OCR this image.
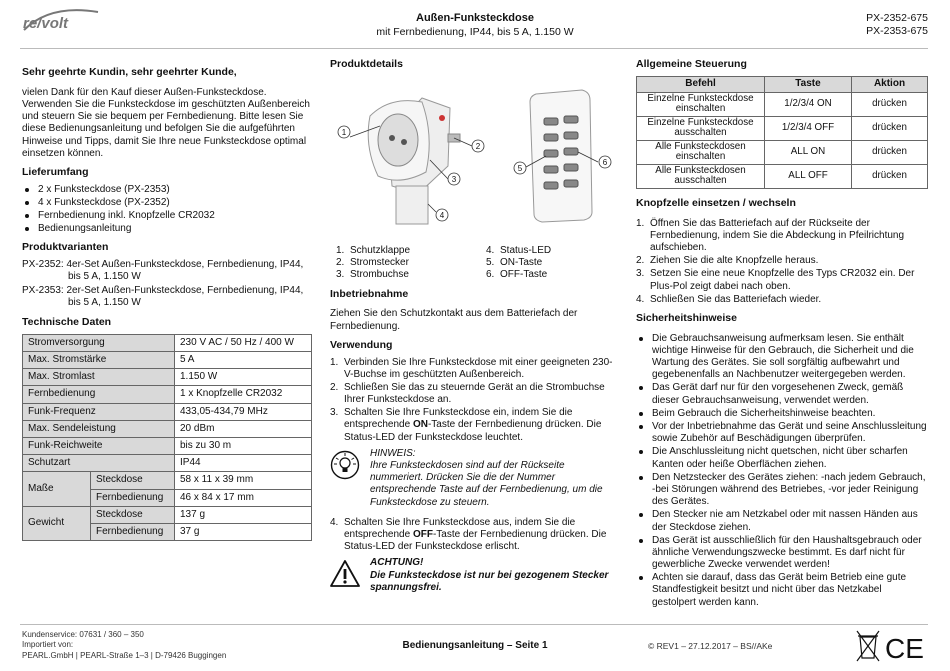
re/volt	Außen-Funksteckdose
mit Fernbedienung, IP44, bis 5 A, 1.150 W
PX-2352-675
PX-2353-675
Sehr geehrte Kundin, sehr geehrter Kunde,

vielen Dank für den Kauf dieser Außen-Funksteckdose. Verwenden Sie die Funksteckdose im geschützten Außenbereich und steuern Sie sie bequem per Fernbedienung. Bitte lesen Sie diese Bedienungsanleitung und befolgen Sie die aufgeführten Hinweise und Tipps, damit Sie Ihre neue Funksteckdose optimal einsetzen können.

Lieferumfang
2 x Funksteckdose (PX-2353)
4 x Funksteckdose (PX-2352)
Fernbedienung inkl. Knopfzelle CR2032
Bedienungsanleitung
Produktvarianten
PX-2352: 4er-Set Außen-Funksteckdose, Fernbedienung, IP44, bis 5 A, 1.150 W
PX-2353: 2er-Set Außen-Funksteckdose, Fernbedienung, IP44, bis 5 A, 1.150 W
Technische Daten
Stromversorgung		230 V AC / 50 Hz / 400 W
Max. Stromstärke		5 A
Max. Stromlast		1.150 W
Fernbedienung		1 x Knopfzelle CR2032
Funk-Frequenz		433,05-434,79 MHz
Max. Sendeleistung		20 dBm
Funk-Reichweite		bis zu 30 m
Schutzart		IP44
Maße	Steckdose	58 x 11 x 39 mm
	Fernbedienung	46 x 84 x 17 mm
Gewicht	Steckdose	137 g
	Fernbedienung	37 g
Produktdetails
1
2
3
4
5
6
1. Schutzklappe	4. Status-LED
2. Stromstecker	5. ON-Taste
3. Strombuchse	6. OFF-Taste
Inbetriebnahme

Ziehen Sie den Schutzkontakt aus dem Batteriefach der Fernbedienung.

Verwendung
1. Verbinden Sie Ihre Funksteckdose mit einer geeigneten 230-V-Buchse im geschützten Außenbereich.
2. Schließen Sie das zu steuernde Gerät an die Strombuchse Ihrer Funksteckdose an.
3. Schalten Sie Ihre Funksteckdose ein, indem Sie die entsprechende ON-Taste der Fernbedienung drücken. Die Status-LED der Funksteckdose leuchtet.
HINWEIS:
Ihre Funksteckdosen sind auf der Rückseite nummeriert. Drücken Sie die der Nummer entsprechende Taste auf der Fernbedienung, um die Funksteckdose zu steuern.
4. Schalten Sie Ihre Funksteckdose aus, indem Sie die entsprechende OFF-Taste der Fernbedienung drücken. Die Status-LED der Funksteckdose erlischt.
ACHTUNG!
Die Funksteckdose ist nur bei gezogenem Stecker spannungsfrei.
Allgemeine Steuerung
Befehl	Taste	Aktion
Einzelne Funksteckdose einschalten	1/2/3/4 ON	drücken
Einzelne Funksteckdose ausschalten	1/2/3/4 OFF	drücken
Alle Funksteckdosen einschalten	ALL ON	drücken
Alle Funksteckdosen ausschalten	ALL OFF	drücken
Knopfzelle einsetzen / wechseln
1. Öffnen Sie das Batteriefach auf der Rückseite der Fernbedienung, indem Sie die Abdeckung in Pfeilrichtung aufschieben.
2. Ziehen Sie die alte Knopfzelle heraus.
3. Setzen Sie eine neue Knopfzelle des Typs CR2032 ein. Der Plus-Pol zeigt dabei nach oben.
4. Schließen Sie das Batteriefach wieder.
Sicherheitshinweise
Die Gebrauchsanweisung aufmerksam lesen. Sie enthält wichtige Hinweise für den Gebrauch, die Sicherheit und die Wartung des Gerätes. Sie soll sorgfältig aufbewahrt und gegebenenfalls an Nachbenutzer weitergegeben werden.
Das Gerät darf nur für den vorgesehenen Zweck, gemäß dieser Gebrauchsanweisung, verwendet werden.
Beim Gebrauch die Sicherheitshinweise beachten.
Vor der Inbetriebnahme das Gerät und seine Anschlussleitung sowie Zubehör auf Beschädigungen überprüfen.
Die Anschlussleitung nicht quetschen, nicht über scharfen Kanten oder heiße Oberflächen ziehen.
Den Netzstecker des Gerätes ziehen: -nach jedem Gebrauch, -bei Störungen während des Betriebes, -vor jeder Reinigung des Gerätes.
Den Stecker nie am Netzkabel oder mit nassen Händen aus der Steckdose ziehen.
Das Gerät ist ausschließlich für den Haushaltsgebrauch oder ähnliche Verwendungszwecke bestimmt. Es darf nicht für gewerbliche Zwecke verwendet werden!
Achten sie darauf, dass das Gerät beim Betrieb eine gute Standfestigkeit besitzt und nicht über das Netzkabel gestolpert werden kann.
Kundenservice: 07631 / 360 – 350
Importiert von:
PEARL.GmbH | PEARL-Straße 1–3 | D-79426 Buggingen
Bedienungsanleitung – Seite 1	© REV1 – 27.12.2017 – BS//AKe	CE
